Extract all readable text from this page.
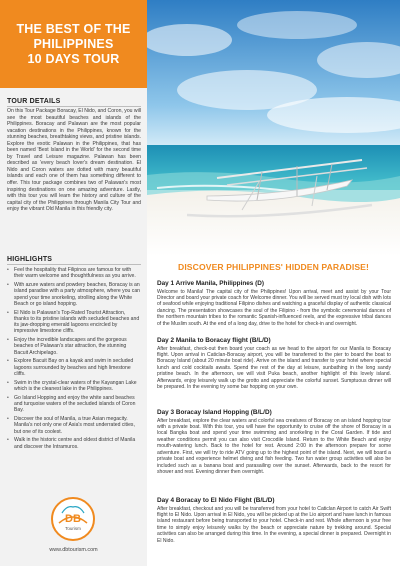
THE BEST OF THE
PHILIPPINES
10 DAYS TOUR
TOUR DETAILS

On this Tour Package Boracay, El Nido, and Coron, you will see the most beautiful beaches and islands of the Philippines. Boracay and Palawan are the most popular vacation destinations in the Philippines, known for the stunning beaches, breathtaking views, and pristine islands. Explore the exotic Palawan in the Philippines, that has been named 'Best Island in the World' for the second time by Travel and Leisure magazine. Palawan has been described as 'every beach lover's dream destination. El Nido and Coron waters are dotted with many beautiful islands and each one of them has something different to offer. This tour package combines two of Palawan's most inspiring destinations on one amazing adventure. Lastly, with this tour you will learn the history and culture of the capital city of the Philippines through Manila City Tour and enjoy the vibrant Old Manila in this friendly city.

HIGHLIGHTS
• Feel the hospitality that Filipinos are famous for with their warm welcome and thoughtfulness as you arrive.
• With azure waters and powdery beaches, Boracay is an island paradise with a party atmosphere, where you can spend your time snorkeling, strolling along the White Beach or go island hopping.
• El Nido is Palawan's Top-Rated Tourist Attraction, thanks to its pristine islands with secluded beaches and its jaw-dropping emerald lagoons encircled by impressive limestone cliffs.
• Enjoy the incredible landscapes and the gorgeous beaches of Palawan's star attraction, the stunning Bacuit Archipelago.
• Explore Bacuit Bay on a kayak and swim in secluded lagoons surrounded by beaches and high limestone cliffs.
• Swim in the crystal-clear waters of the Kayangan Lake which is the cleanest lake in the Philippines.
• Go Island Hopping and enjoy the white sand beaches and turquoise waters of the secluded islands of Coron Bay.
• Discover the soul of Manila, a true Asian megacity. Manila's not only one of Asia's most underrated cities, but one of its coolest.
• Walk in the historic centre and oldest district of Manila and discover the Intramuros.
DB
Tourism
www.dbtourism.com
DISCOVER PHILIPPINES' HIDDEN PARADISE!
Day 1 Arrive Manila, Philippines (D)

Welcome to Manila! The capital city of the Philippines! Upon arrival, meet and assist by your Tour Director and board your private coach for Welcome dinner. You will be served must try local dish with lots of seafood while enjoying traditional Filipino dishes and watching a graceful display of authentic classical dancing. The presentation showcases the soul of the Filipino - from the symbolic ceremonial dances of the northern mountain tribes to the romantic Spanish-influenced reels, and the expressive tribal dances of the Muslim south. At the end of a long day, drive to the hotel for check-in and overnight.

Day 2 Manila to Boracay flight (B/L/D)

After breakfast, check-out then board your coach as we head to the airport for our Manila to Boracay flight. Upon arrival in Caticlan-Boracay airport, you will be transferred to the pier to board the boat to Boracay Island (about 20 minute boat ride). Arrive on the island and transfer to your hotel where special lunch and cold cocktails awaits. Spend the rest of the day at leisure, sunbathing in the long sandy pristine beach. In the afternoon, we will visit Puka beach, another highlight of this lovely island. Afterwards, enjoy leisurely walk up the grotto and appreciate the colorful sunset. Sumptuous dinner will be prepared. In the evening try some bar hopping on your own.

Day 3 Boracay Island Hopping (B/L/D)

After breakfast, explore the clear waters and colorful sea creatures of Boracay on an island hopping tour with a private boat. With this tour, you will have the opportunity to cruise off the shore of Boracay in a local Bangka boat and spend your time swimming and snorkeling in the Coral Garden. If tide and weather conditions permit you can also visit Crocodile Island. Return to the White Beach and enjoy mouth-watering lunch. Back to the hotel for rest. Around 2:00 in the afternoon prepare for some adventure. First, we will try to ride ATV going up to the highest point of the island. Next, we will board a private boat and experience helmet diving and fish feeding. Two fun water group activities will also be included such as a banana boat and parasailing over the sunset. Afterwards, back to the resort for shower and rest. Evening dinner then overnight.

Day 4 Boracay to El Nido Flight (B/L/D)

After breakfast, checkout and you will be transferred from your hotel to Caticlan Airport to catch Air Swift flight to El Nido. Upon arrival in El Nido, you will be picked up at the Lio airport and have lunch in famous island restaurant before being transported to your hotel. Check-in and rest. Whole afternoon is your free time to simply enjoy leisurely walks by the beach or appreciate nature by trekking around. Special activities can also be arranged during this time. In the evening, a special dinner is prepared. Overnight in El Nido.
